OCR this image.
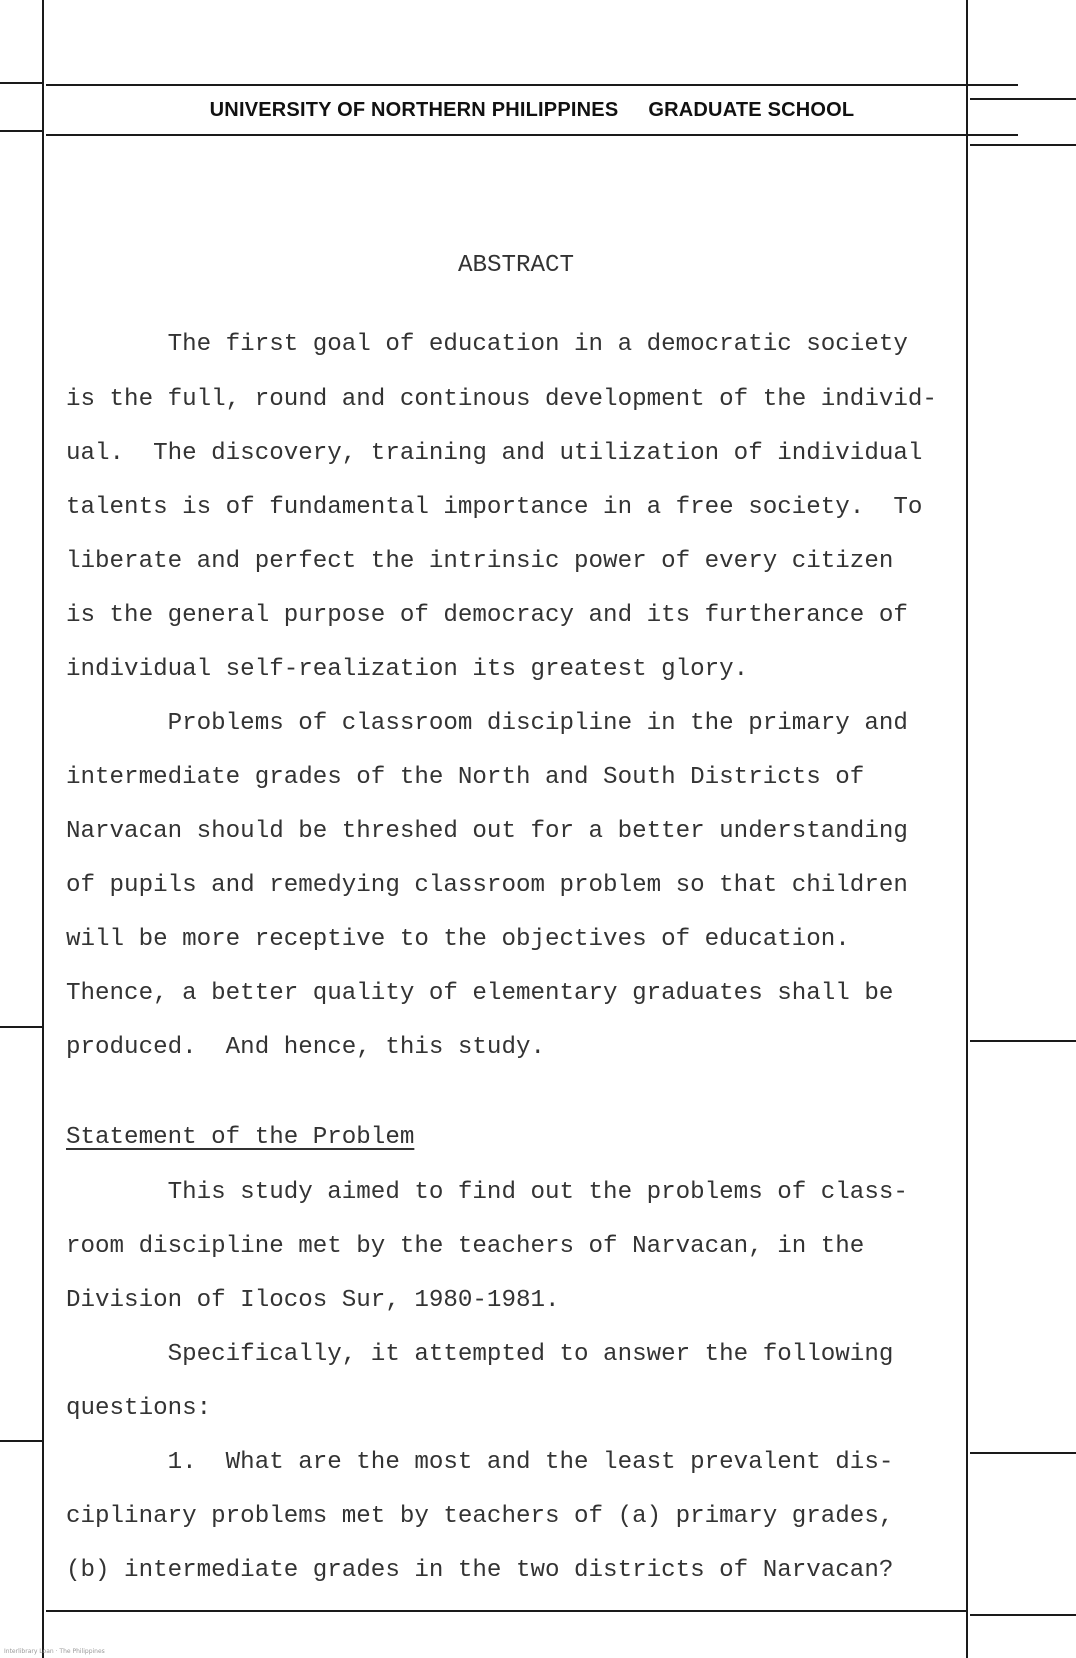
UNIVERSITY OF NORTHERN PHILIPPINES GRADUATE SCHOOL
ABSTRACT
The first goal of education in a democratic society
is the full, round and continous development of the individ-
ual.  The discovery, training and utilization of individual
talents is of fundamental importance in a free society.  To
liberate and perfect the intrinsic power of every citizen
is the general purpose of democracy and its furtherance of
individual self-realization its greatest glory.
Problems of classroom discipline in the primary and
intermediate grades of the North and South Districts of
Narvacan should be threshed out for a better understanding
of pupils and remedying classroom problem so that children
will be more receptive to the objectives of education.
Thence, a better quality of elementary graduates shall be
produced.  And hence, this study.
Statement of the Problem
This study aimed to find out the problems of class-
room discipline met by the teachers of Narvacan, in the
Division of Ilocos Sur, 1980-1981.
Specifically, it attempted to answer the following
questions:
1.  What are the most and the least prevalent dis-
ciplinary problems met by teachers of (a) primary grades,
(b) intermediate grades in the two districts of Narvacan?
Interlibrary Loan · The Philippines
